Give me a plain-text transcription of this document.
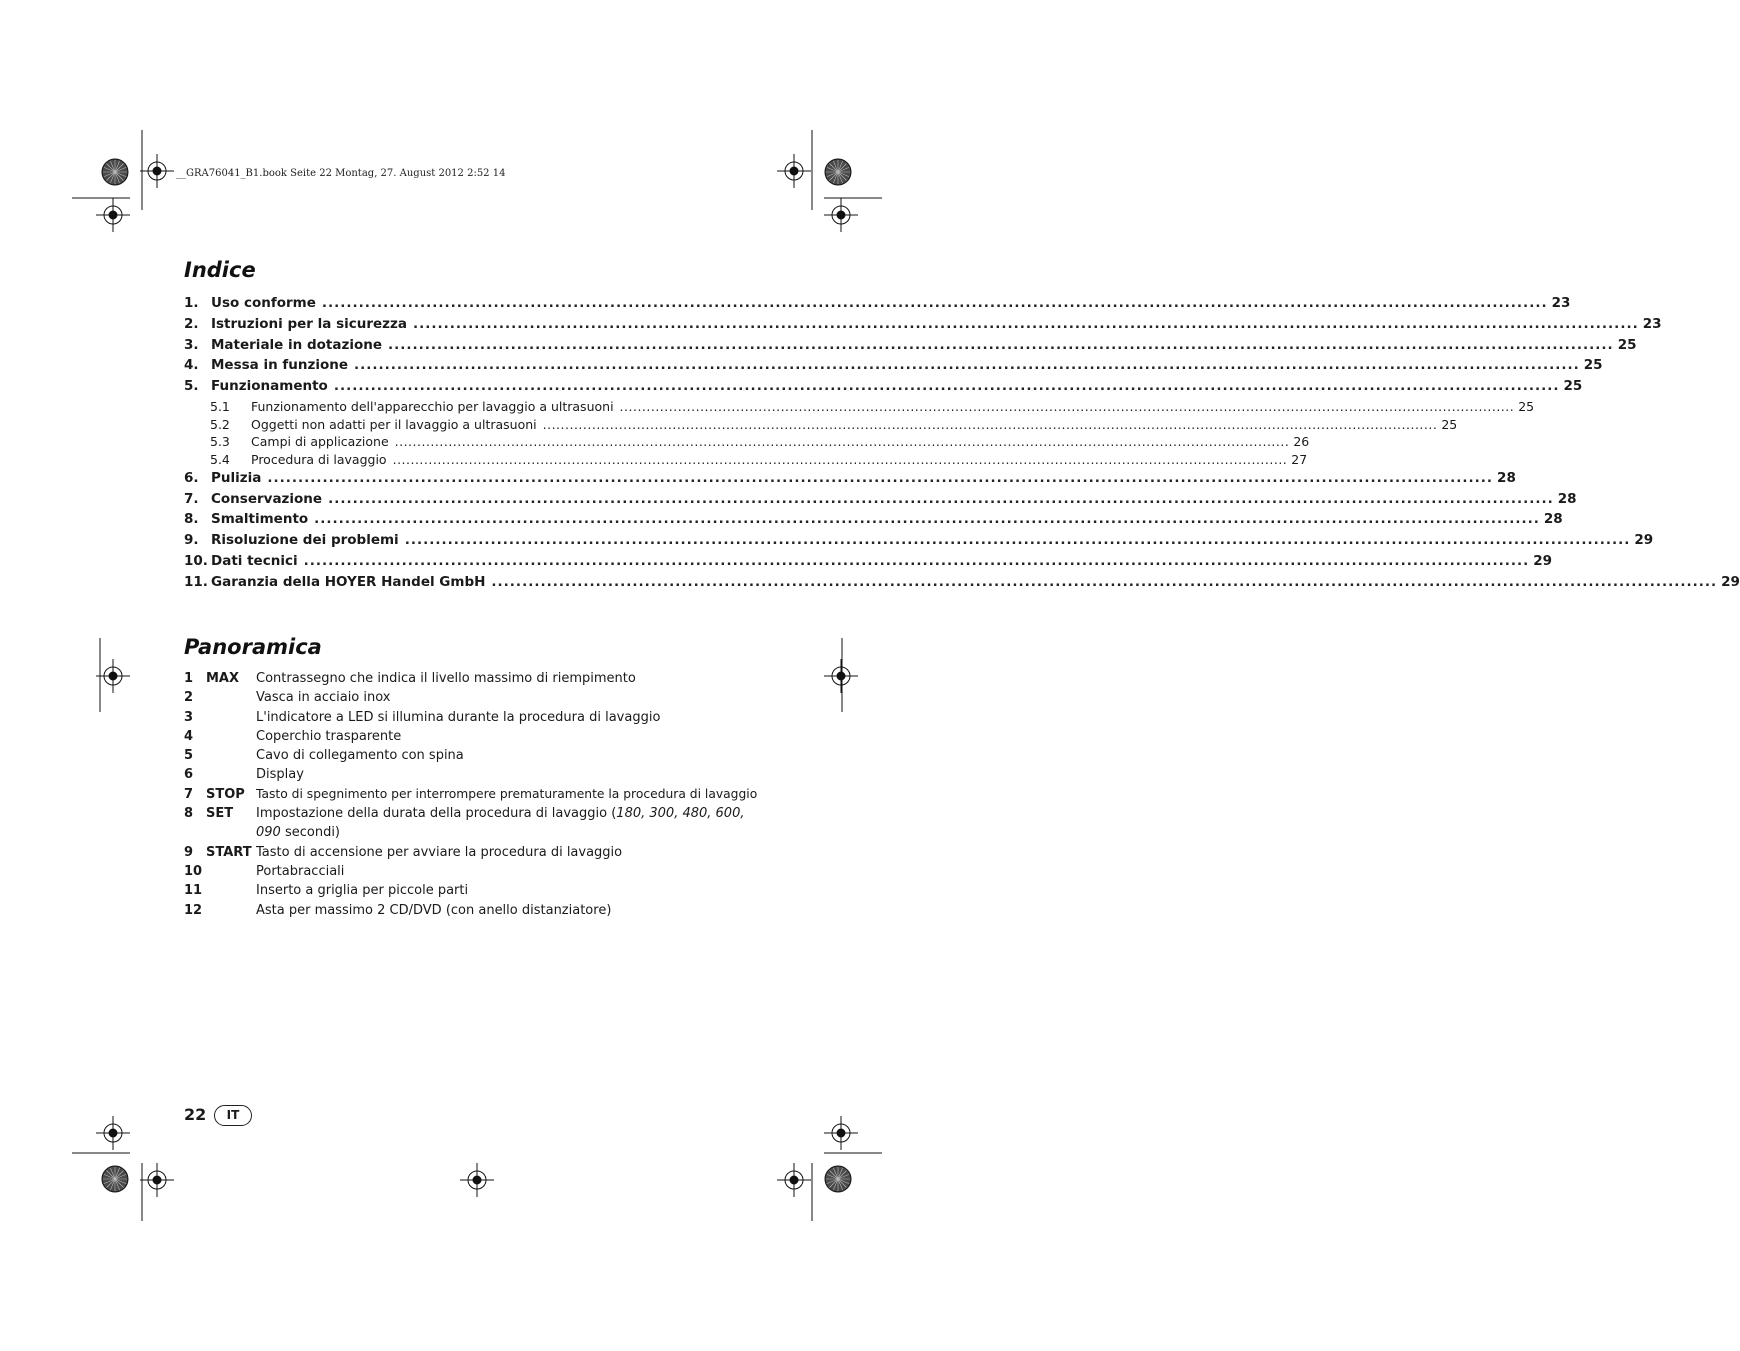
__GRA76041_B1.book Seite 22 Montag, 27. August 2012 2:52 14
Indice
1. Uso conforme ........................................................................................................................................................................................................ 23
2. Istruzioni per la sicurezza ........................................................................................................................................................................................................ 23
3. Materiale in dotazione ........................................................................................................................................................................................................ 25
4. Messa in funzione ........................................................................................................................................................................................................ 25
5. Funzionamento ........................................................................................................................................................................................................ 25
5.1	Funzionamento dell'apparecchio per lavaggio a ultrasuoni ........................................................................................................................................................................................................ 25
5.2	Oggetti non adatti per il lavaggio a ultrasuoni ........................................................................................................................................................................................................ 25
5.3	Campi di applicazione ........................................................................................................................................................................................................ 26
5.4	Procedura di lavaggio ........................................................................................................................................................................................................ 27
6. Pulizia ........................................................................................................................................................................................................ 28
7. Conservazione ........................................................................................................................................................................................................ 28
8. Smaltimento ........................................................................................................................................................................................................ 28
9. Risoluzione dei problemi ........................................................................................................................................................................................................ 29
10. Dati tecnici ........................................................................................................................................................................................................ 29
11. Garanzia della HOYER Handel GmbH ........................................................................................................................................................................................................ 29
Panoramica
1 MAX	Contrassegno che indica il livello massimo di riempimento
2	Vasca in acciaio inox
3	L'indicatore a LED si illumina durante la procedura di lavaggio
4	Coperchio trasparente
5	Cavo di collegamento con spina
6	Display
7 STOP Tasto di spegnimento per interrompere prematuramente la procedura di lavaggio
8 SET	Impostazione della durata della procedura di lavaggio (180, 300, 480, 600, 090 secondi)
9 START Tasto di accensione per avviare la procedura di lavaggio
10	Portabracciali
11	Inserto a griglia per piccole parti
12	Asta per massimo 2 CD/DVD (con anello distanziatore)
22	IT
